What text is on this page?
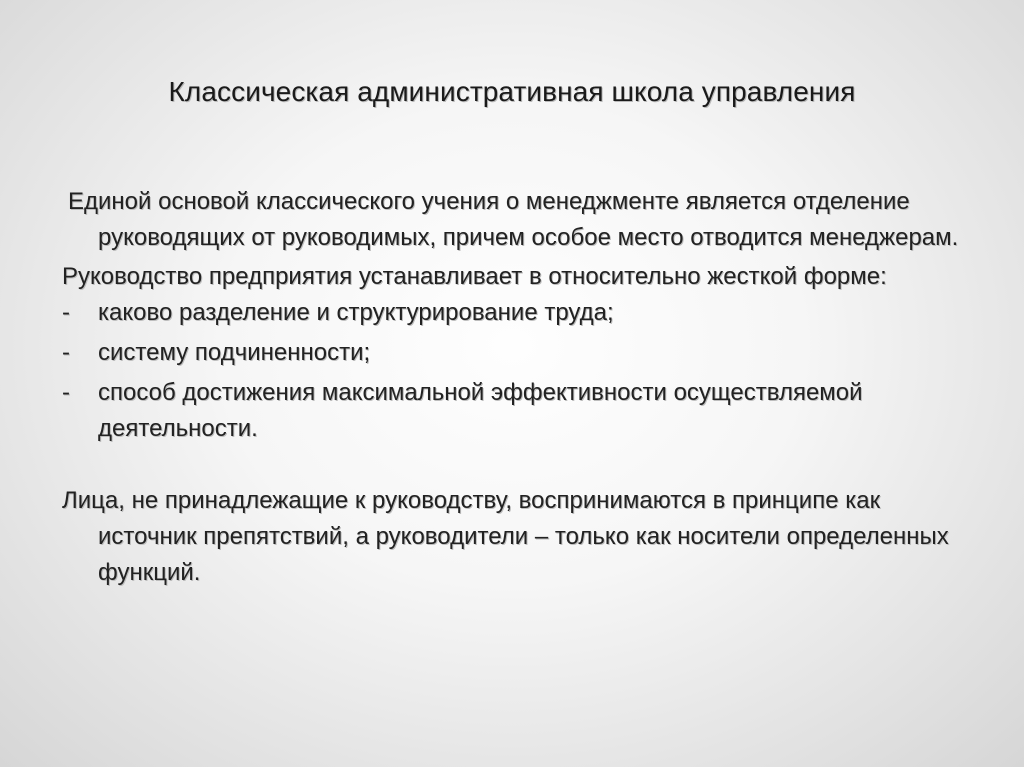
Классическая административная школа управления

Единой основой классического учения о менеджменте является отделение руководящих от руководимых, причем особое место отводится менеджерам.

Руководство предприятия устанавливает в относительно жесткой форме:

- каково разделение и структурирование труда;
- систему подчиненности;
- способ достижения максимальной эффективности осуществляемой деятельности.

Лица, не принадлежащие к руководству, воспринимаются в принципе как источник препятствий, а руководители – только как носители определенных функций.
